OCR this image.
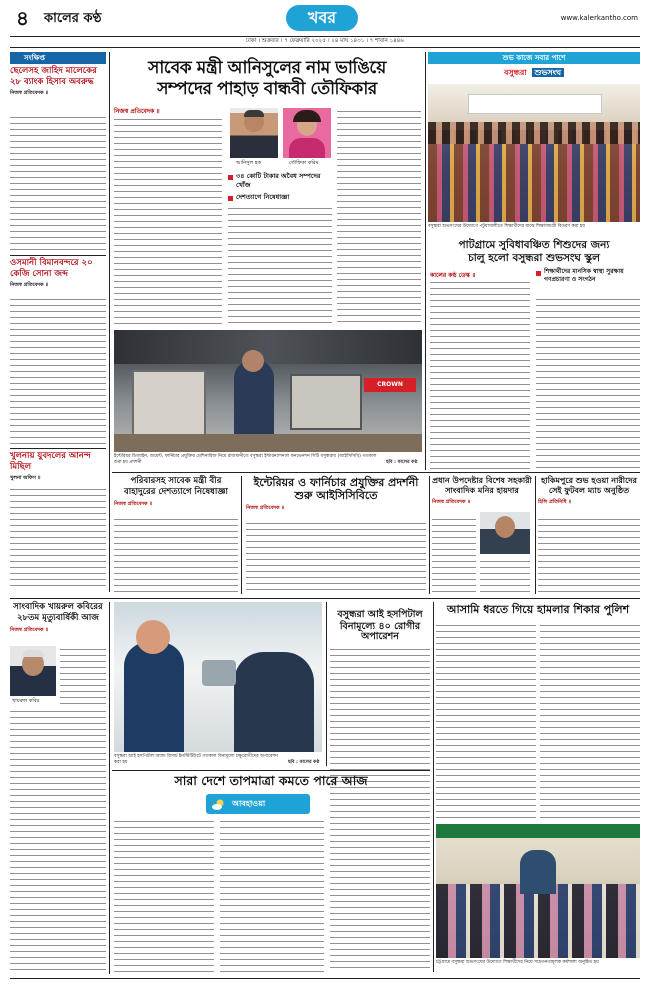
৪ কালের কণ্ঠ	খবর	www.kalerkantho.com
ঢাকা । শুক্রবার । ৭ ফেব্রুয়ারি ২০২৫ । ২৪ মাঘ ১৪৩১ । ৭ শাবান ১৪৪৬
সংক্ষিপ্ত
ছেলেসহ জাহিদ মালেকের ২৮ ব্যাংক হিসাব অবরুদ্ধ
নিজস্ব প্রতিবেদক ॥
ওসমানী বিমানবন্দরে ২০ কেজি সোনা জব্দ
নিজস্ব প্রতিবেদক ॥
খুলনায় যুবদলের আনন্দ মিছিল
খুলনা অফিস ॥
সাবেক মন্ত্রী আনিসুলের নাম ভাঙিয়ে
সম্পদের পাহাড় বান্ধবী তৌফিকার
নিজস্ব প্রতিবেদক ॥
আনিসুল হক	তৌফিকা করিম
৩৪ কোটি টাকার অবৈধ সম্পদের খোঁজ
দেশত্যাগে নিষেধাজ্ঞা
CROWN
ইন্টেরিয়র ডিজাইন, জয়েন্ট, ফার্নিচার প্রযুক্তির মেশিনারিজ নিয়ে রাজধানীতে বসুন্ধরা ইন্টারন্যাশনাল কনভেনশন সিটি বসুন্ধরায় (আইসিসিবি) গতকাল শুরু হয় প্রদর্শনী	ছবি : কালের কণ্ঠ
শুভ কাজে সবার পাশে
বসুন্ধরা শুভসংঘ
বসুন্ধরা শুভসংঘের উদ্যোগে পটুয়াখালীতে শিক্ষার্থীদের মাঝে শিক্ষাসামগ্রী বিতরণ করা হয়
পাটগ্রামে সুবিধাবঞ্চিত শিশুদের জন্য
চালু হলো বসুন্ধরা শুভসংঘ স্কুল
কালের কণ্ঠ ডেস্ক ॥
শিক্ষার্থীদের মানসিক স্বাস্থ্য সুরক্ষায় গণপ্রচারণা ও সংগঠন
পরিবারসহ সাবেক মন্ত্রী বীর বাহাদুরের দেশত্যাগে নিষেধাজ্ঞা
নিজস্ব প্রতিবেদক ॥
ইন্টেরিয়র ও ফার্নিচার প্রযুক্তির প্রদর্শনী শুরু আইসিসিবিতে
নিজস্ব প্রতিবেদক ॥
প্রধান উপদেষ্টার বিশেষ সহকারী সাংবাদিক মনির হায়দার
নিজস্ব প্রতিবেদক ॥
হাকিমপুরে শুভ হওয়া নারীদের সেই ফুটবল ম্যাচ অনুষ্ঠিত
হিলি প্রতিনিধি ॥
সাংবাদিক খায়রুল কবিরের ২৮তম মৃত্যুবার্ষিকী আজ
নিজস্ব প্রতিবেদক ॥
খায়রুল কবির
বসুন্ধরা আই হসপিটাল অ্যান্ড রিসার্চ ইনস্টিটিউটে গতকাল বিনামূল্যে চক্ষুরোগীদের অপারেশন করা হয়	ছবি : কালের কণ্ঠ
বসুন্ধরা আই হসপিটাল
বিনামূল্যে ৪০ রোগীর অপারেশন
আসামি ধরতে গিয়ে হামলার শিকার পুলিশ
চট্টগ্রামে বসুন্ধরা শুভসংঘের উদ্যোগে শিক্ষার্থীদের নিয়ে সচেতনতামূলক কর্মশালা অনুষ্ঠিত হয়
সারা দেশে তাপমাত্রা কমতে পারে আজ
আবহাওয়া
